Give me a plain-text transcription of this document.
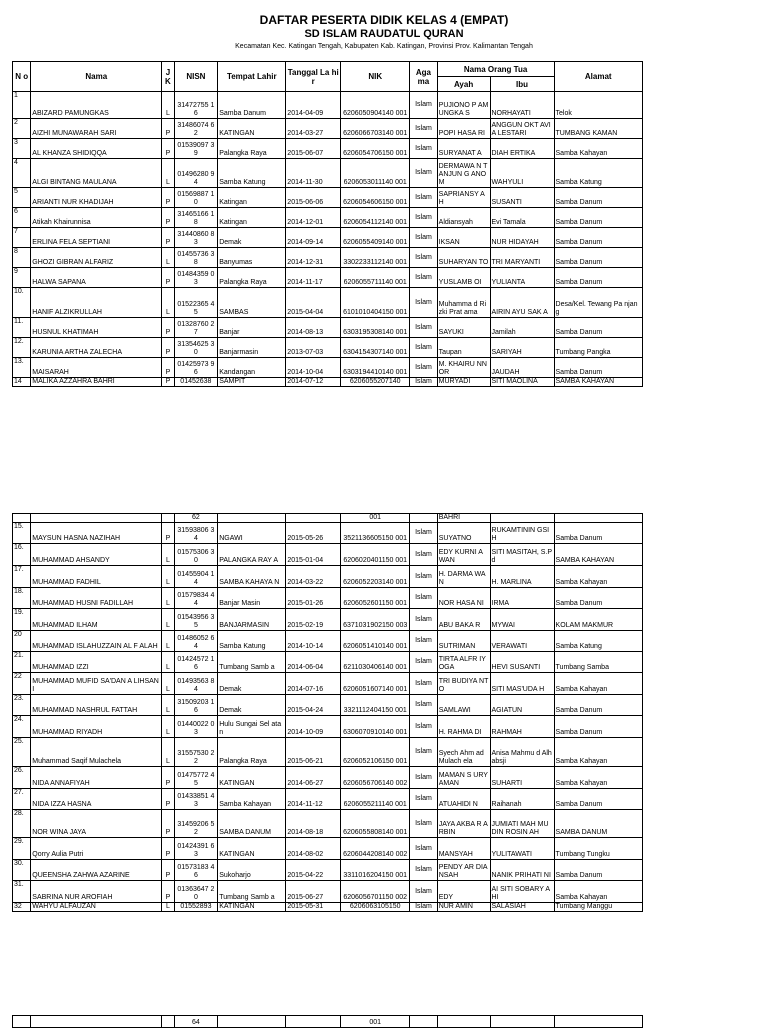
DAFTAR PESERTA DIDIK KELAS 4 (EMPAT)
SD ISLAM RAUDATUL QURAN
Kecamatan Kec. Katingan Tengah, Kabupaten Kab. Katingan, Provinsi Prov. Kalimantan Tengah
N o	Nama	J K	NISN	Tempat Lahir	Tanggal La hir	NIK	Aga ma	Nama Orang Tua		Alamat
								Ayah	Ibu	
1	ABIZARD PAMUNGKAS	L	31472755 16	Samba Danum	2014-04-09	6206050904140 001	Islam	PUJIONO P AMUNGKA S	NORHAYATI	Telok
2	AIZHI MUNAWARAH SARI	P	31486074 62	KATINGAN	2014-03-27	6206066703140 001	Islam	POPI HASA RI	ANGGUN OKT AVIA LESTARI	TUMBANG KAMAN
3	AL KHANZA SHIDIQQA	P	01539097 39	Palangka Raya	2015-06-07	6206054706150 001	Islam	SURYANAT A	DIAH ERTIKA	Samba Kahayan
4	ALGI BINTANG MAULANA	L	01496280 94	Samba Katung	2014-11-30	6206053011140 001	Islam	DERMAWA N TANJUN G ANOM	WAHYULI	Samba Katung
5	ARIANTI NUR KHADIJAH	P	01569887 10	Katingan	2015-06-06	6206054606150 001	Islam	SAPRIANSY AH	SUSANTI	Samba Danum
6	Atikah Khairunnisa	P	31465166 18	Katingan	2014-12-01	6206054112140 001	Islam	Aldiansyah	Evi Tamala	Samba Danum
7	ERLINA FELA SEPTIANI	P	31440860 83	Demak	2014-09-14	6206055409140 001	Islam	IKSAN	NUR HIDAYAH	Samba Danum
8	GHOZI GIBRAN ALFARIZ	L	01455736 38	Banyumas	2014-12-31	3302233112140 001	Islam	SUHARYAN TO	TRI MARYANTI	Samba Danum
9	HALWA SAPANA	P	01484359 03	Palangka Raya	2014-11-17	6206055711140 001	Islam	YUSLAMB OI	YULIANTA	Samba Danum
10.	HANIF ALZIKRULLAH	L	01522365 45	SAMBAS	2015-04-04	6101010404150 001	Islam	Muhamma d Rizki Prat ama	AIRIN AYU SAK A	Desa/Kel. Tewang Pa njang
11.	HUSNUL KHATIMAH	P	01328760 27	Banjar	2014-08-13	6303195308140 001	Islam	SAYUKI	Jamilah	Samba Danum
12.	KARUNIA ARTHA ZALECHA	P	31354625 30	Banjarmasin	2013-07-03	6304154307140 001	Islam	Taupan	SARIYAH	Tumbang Pangka
13.	MAISARAH	P	01425973 96	Kandangan	2014-10-04	6303194410140 001	Islam	M. KHAIRU NNOR	JAUDAH	Samba Danum
14	MALIKA AZZAHRA BAHRI	P	01452638	SAMPIT	2014-07-12	6206055207140	Islam	MURYADI	SITI MAOLINA	SAMBA KAHAYAN
			62			001		BAHRI		
15.	MAYSUN HASNA NAZIHAH	P	31593806 34	NGAWI	2015-05-26	3521136605150 001	Islam	SUYATNO	RUKAMTININ GSIH	Samba Danum
16.	MUHAMMAD AHSANDY	L	01575306 30	PALANGKA RAY A	2015-01-04	6206020401150 001	Islam	EDY KURNI AWAN	SITI MASITAH, S.Pd	SAMBA KAHAYAN
17.	MUHAMMAD FADHIL	L	01455904 14	SAMBA KAHAYA N	2014-03-22	6206052203140 001	Islam	H. DARMA WAN	H. MARLINA	Samba Kahayan
18.	MUHAMMAD HUSNI FADILLAH	L	01579834 44	Banjar Masin	2015-01-26	6206052601150 001	Islam	NOR HASA NI	IRMA	Samba Danum
19.	MUHAMMAD ILHAM	L	01543956 35	BANJARMASIN	2015-02-19	6371031902150 003	Islam	ABU BAKA R	MYWAI	KOLAM MAKMUR
20	MUHAMMAD ISLAHUZZAIN AL F ALAH	L	01486052 64	Samba Katung	2014-10-14	6206051410140 001	Islam	SUTRIMAN	VERAWATI	Samba Katung
21.	MUHAMMAD IZZI	L	01424572 16	Tumbang Samb a	2014-06-04	6211030406140 001	Islam	TIRTA ALFR IYOGA	HEVI SUSANTI	Tumbang Samba
22	MUHAMMAD MUFID SA'DAN A LIHSANI	L	01493563 84	Demak	2014-07-16	6206051607140 001	Islam	TRI BUDIYA NTO	SITI MAS'UDA H	Samba Kahayan
23.	MUHAMMAD NASHRUL FATTAH	L	31509203 16	Demak	2015-04-24	3321112404150 001	Islam	SAMLAWI	AGIATUN	Samba Danum
24.	MUHAMMAD RIYADH	L	01440022 03	Hulu Sungai Sel atan	2014-10-09	6306070910140 001	Islam	H. RAHMA DI	RAHMAH	Samba Danum
25.	Muhammad Saqif Mulachela	L	31557530 22	Palangka Raya	2015-06-21	6206052106150 001	Islam	Syech Ahm ad Mulach ela	Anisa Mahmu d Alhabsji	Samba Kahayan
26.	NIDA ANNAFIYAH	P	01475772 45	KATINGAN	2014-06-27	6206056706140 002	Islam	MAMAN S URYAMAN	SUHARTI	Samba Kahayan
27.	NIDA IZZA HASNA	P	01433851 43	Samba Kahayan	2014-11-12	6206055211140 001	Islam	ATUAHIDI N	Raihanah	Samba Danum
28.	NOR WINA JAYA	P	31459206 52	SAMBA DANUM	2014-08-18	6206055808140 001	Islam	JAYA AKBA R ARBIN	JUMIATI MAH MUDIN ROSIN AH	SAMBA DANUM
29.	Qorry Aulia Putri	P	01424391 63	KATINGAN	2014-08-02	6206044208140 002	Islam	MANSYAH	YULITAWATI	Tumbang Tungku
30.	QUEENSHA ZAHWA AZARINE	P	01573183 46	Sukoharjo	2015-04-22	3311016204150 001	Islam	PENDY AR DIANSAH	NANIK PRIHATI NI	Samba Danum
31.	SABRINA NUR AROFIAH	P	01363647 20	Tumbang Samb a	2015-06-27	6206056701150 002	Islam	EDY	AI SITI SOBARY AHI	Samba Kahayan
32	WAHYU ALFAUZAN	L	01552893	KATINGAN	2015-05-31	6206063105150	Islam	NUR AMIN	SALASIAH	Tumbang Manggu
			64			001				
